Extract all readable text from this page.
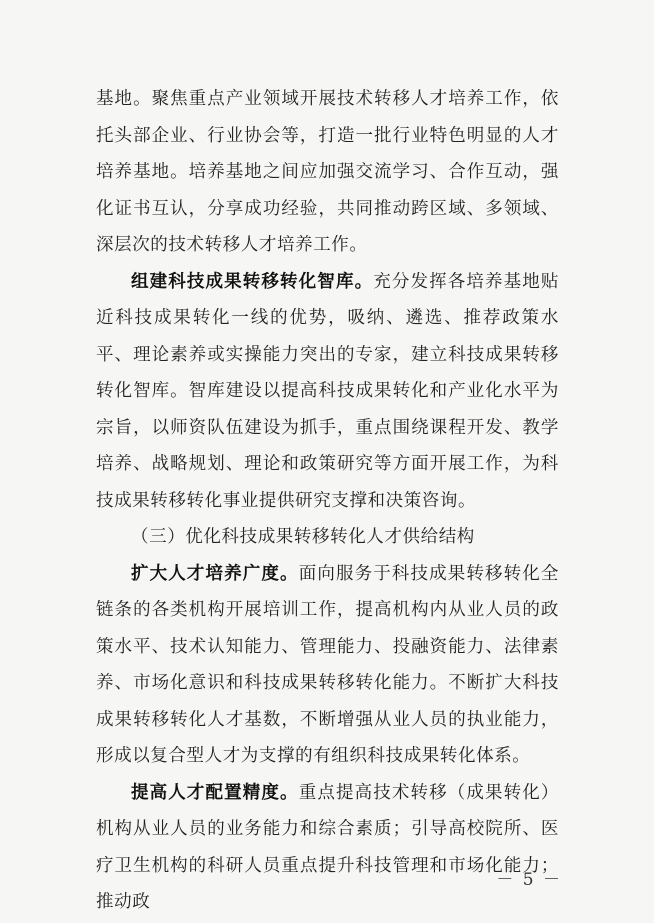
基地。聚焦重点产业领域开展技术转移人才培养工作，依托头部企业、行业协会等，打造一批行业特色明显的人才培养基地。培养基地之间应加强交流学习、合作互动，强化证书互认，分享成功经验，共同推动跨区域、多领域、深层次的技术转移人才培养工作。

组建科技成果转移转化智库。充分发挥各培养基地贴近科技成果转化一线的优势，吸纳、遴选、推荐政策水平、理论素养或实操能力突出的专家，建立科技成果转移转化智库。智库建设以提高科技成果转化和产业化水平为宗旨，以师资队伍建设为抓手，重点围绕课程开发、教学培养、战略规划、理论和政策研究等方面开展工作，为科技成果转移转化事业提供研究支撑和决策咨询。

（三）优化科技成果转移转化人才供给结构

扩大人才培养广度。面向服务于科技成果转移转化全链条的各类机构开展培训工作，提高机构内从业人员的政策水平、技术认知能力、管理能力、投融资能力、法律素养、市场化意识和科技成果转移转化能力。不断扩大科技成果转移转化人才基数，不断增强从业人员的执业能力，形成以复合型人才为支撑的有组织科技成果转化体系。

提高人才配置精度。重点提高技术转移（成果转化）机构从业人员的业务能力和综合素质；引导高校院所、医疗卫生机构的科研人员重点提升科技管理和市场化能力；推动政

－ 5 －
